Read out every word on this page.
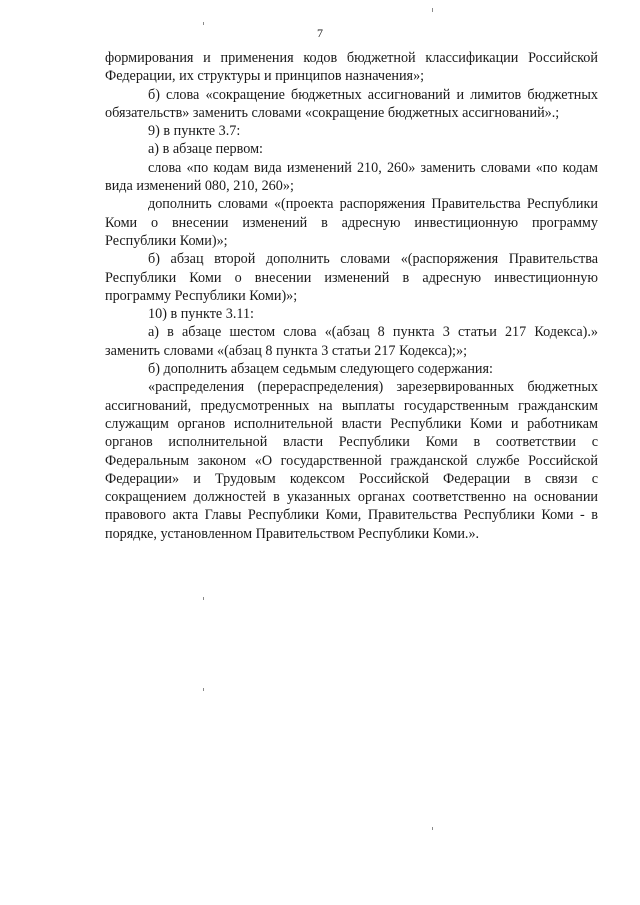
7

формирования и применения кодов бюджетной классификации Российской Федерации, их структуры и принципов назначения»;

б) слова «сокращение бюджетных ассигнований и лимитов бюджетных обязательств» заменить словами «сокращение бюджетных ассигнований».;

9) в пункте 3.7:

а) в абзаце первом:

слова «по кодам вида изменений 210, 260» заменить словами «по кодам вида изменений 080, 210, 260»;

дополнить словами «(проекта распоряжения Правительства Республики Коми о внесении изменений в адресную инвестиционную программу Республики Коми)»;

б) абзац второй дополнить словами «(распоряжения Правительства Республики Коми о внесении изменений в адресную инвестиционную программу Республики Коми)»;

10) в пункте 3.11:

а) в абзаце шестом слова «(абзац 8 пункта 3 статьи 217 Кодекса).» заменить словами «(абзац 8 пункта 3 статьи 217 Кодекса);»;

б) дополнить абзацем седьмым следующего содержания:

«распределения (перераспределения) зарезервированных бюджетных ассигнований, предусмотренных на выплаты государственным гражданским служащим органов исполнительной власти Республики Коми и работникам органов исполнительной власти Республики Коми в соответствии с Федеральным законом «О государственной гражданской службе Российской Федерации» и Трудовым кодексом Российской Федерации в связи с сокращением должностей в указанных органах соответственно на основании правового акта Главы Республики Коми, Правительства Республики Коми - в порядке, установленном Правительством Республики Коми.».
